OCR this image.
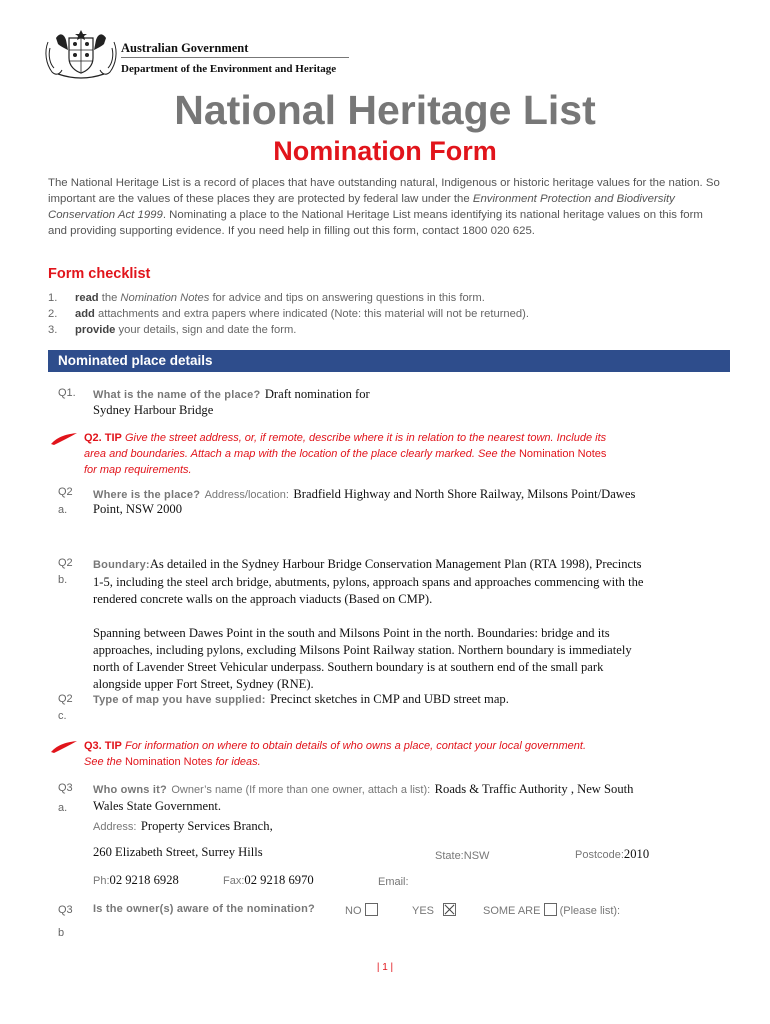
Australian Government
Department of the Environment and Heritage
National Heritage List
Nomination Form
The National Heritage List is a record of places that have outstanding natural, Indigenous or historic heritage values for the nation. So important are the values of these places they are protected by federal law under the Environment Protection and Biodiversity Conservation Act 1999. Nominating a place to the National Heritage List means identifying its national heritage values on this form and providing supporting evidence. If you need help in filling out this form, contact 1800 020 625.
Form checklist
1.	read the Nomination Notes for advice and tips on answering questions in this form.
2.	add attachments and extra papers where indicated (Note: this material will not be returned).
3.	provide your details, sign and date the form.
Nominated place details
Q1. What is the name of the place? Draft nomination for
Sydney Harbour Bridge
Q2. TIP Give the street address, or, if remote, describe where it is in relation to the nearest town. Include its
area and boundaries. Attach a map with the location of the place clearly marked. See the Nomination Notes
for map requirements.
Q2
a.
Where is the place? Address/location: Bradfield Highway and North Shore Railway, Milsons Point/Dawes
Point, NSW 2000
Q2
b.
Boundary:As detailed in the Sydney Harbour Bridge Conservation Management Plan (RTA 1998), Precincts
1-5, including the steel arch bridge, abutments, pylons, approach spans and approaches commencing with the
rendered concrete walls on the approach viaducts (Based on CMP).
Spanning between Dawes Point in the south and Milsons Point in the north. Boundaries: bridge and its
approaches, including pylons, excluding Milsons Point Railway station. Northern boundary is immediately
north of Lavender Street Vehicular underpass. Southern boundary is at southern end of the small park
alongside upper Fort Street, Sydney (RNE).
Q2
c.
Type of map you have supplied: Precinct sketches in CMP and UBD street map.
Q3. TIP For information on where to obtain details of who owns a place, contact your local government.
See the Nomination Notes for ideas.
Q3
a.
Who owns it? Owner’s name (If more than one owner, attach a list): Roads & Traffic Authority , New South
Wales State Government.
Address: Property Services Branch,
260 Elizabeth Street, Surrey Hills	State:NSW	Postcode:2010
Ph:02 9218 6928	Fax:02 9218 6970	Email:
Q3
b
Is the owner(s) aware of the nomination?	NO	YES	SOME ARE (Please list):
| 1 |
